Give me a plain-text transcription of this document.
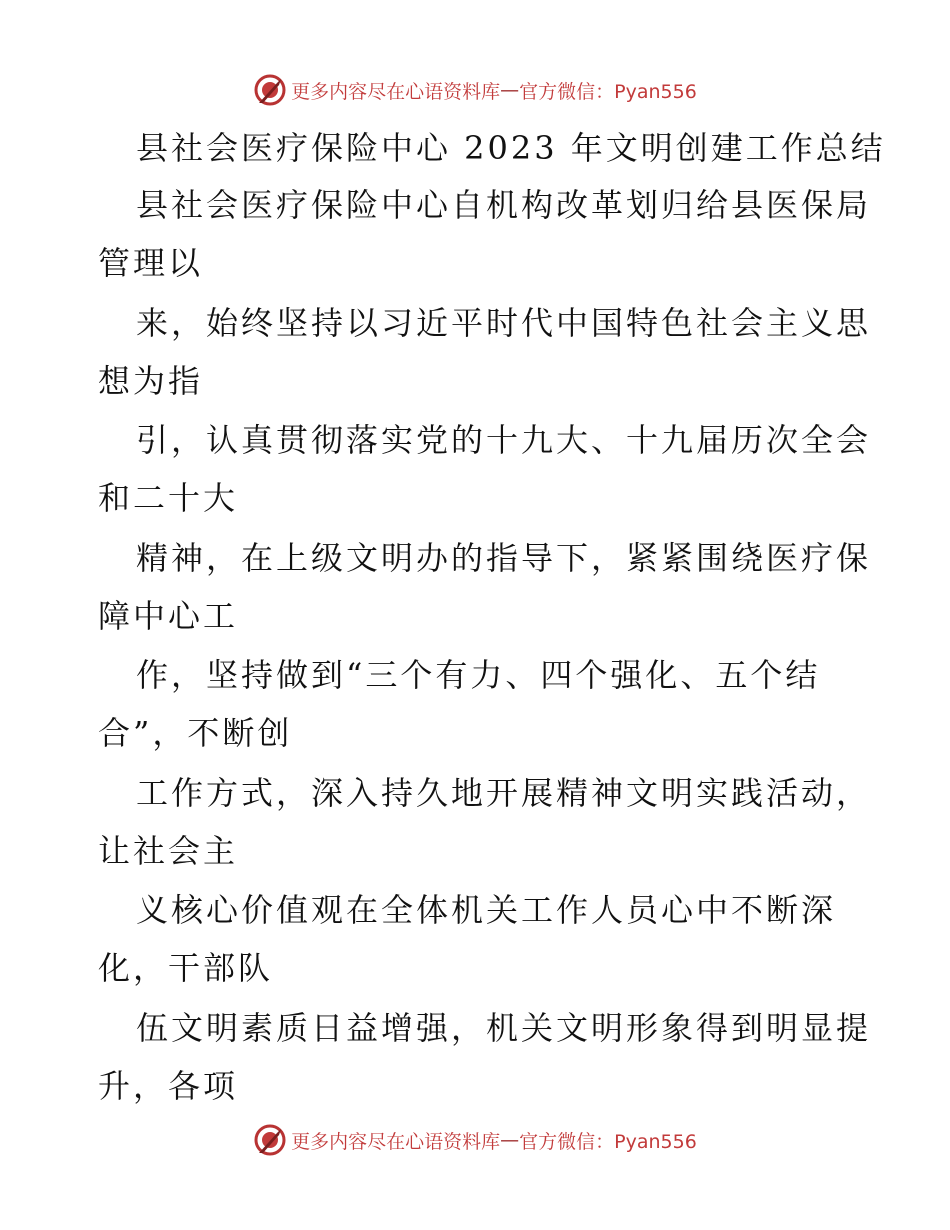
更多内容尽在心语资料库 — 官方微信：Pyan556
县社会医疗保险中心 2023 年文明创建工作总结
县社会医疗保险中心自机构改革划归给县医保局
管理以
来，始终坚持以习近平时代中国特色社会主义思
想为指
引，认真贯彻落实党的十九大、十九届历次全会
和二十大
精神，在上级文明办的指导下，紧紧围绕医疗保
障中心工
作，坚持做到“三个有力、四个强化、五个结
合”，不断创
工作方式，深入持久地开展精神文明实践活动，
让社会主
义核心价值观在全体机关工作人员心中不断深
化，干部队
伍文明素质日益增强，机关文明形象得到明显提
升，各项
更多内容尽在心语资料库 — 官方微信：Pyan556
